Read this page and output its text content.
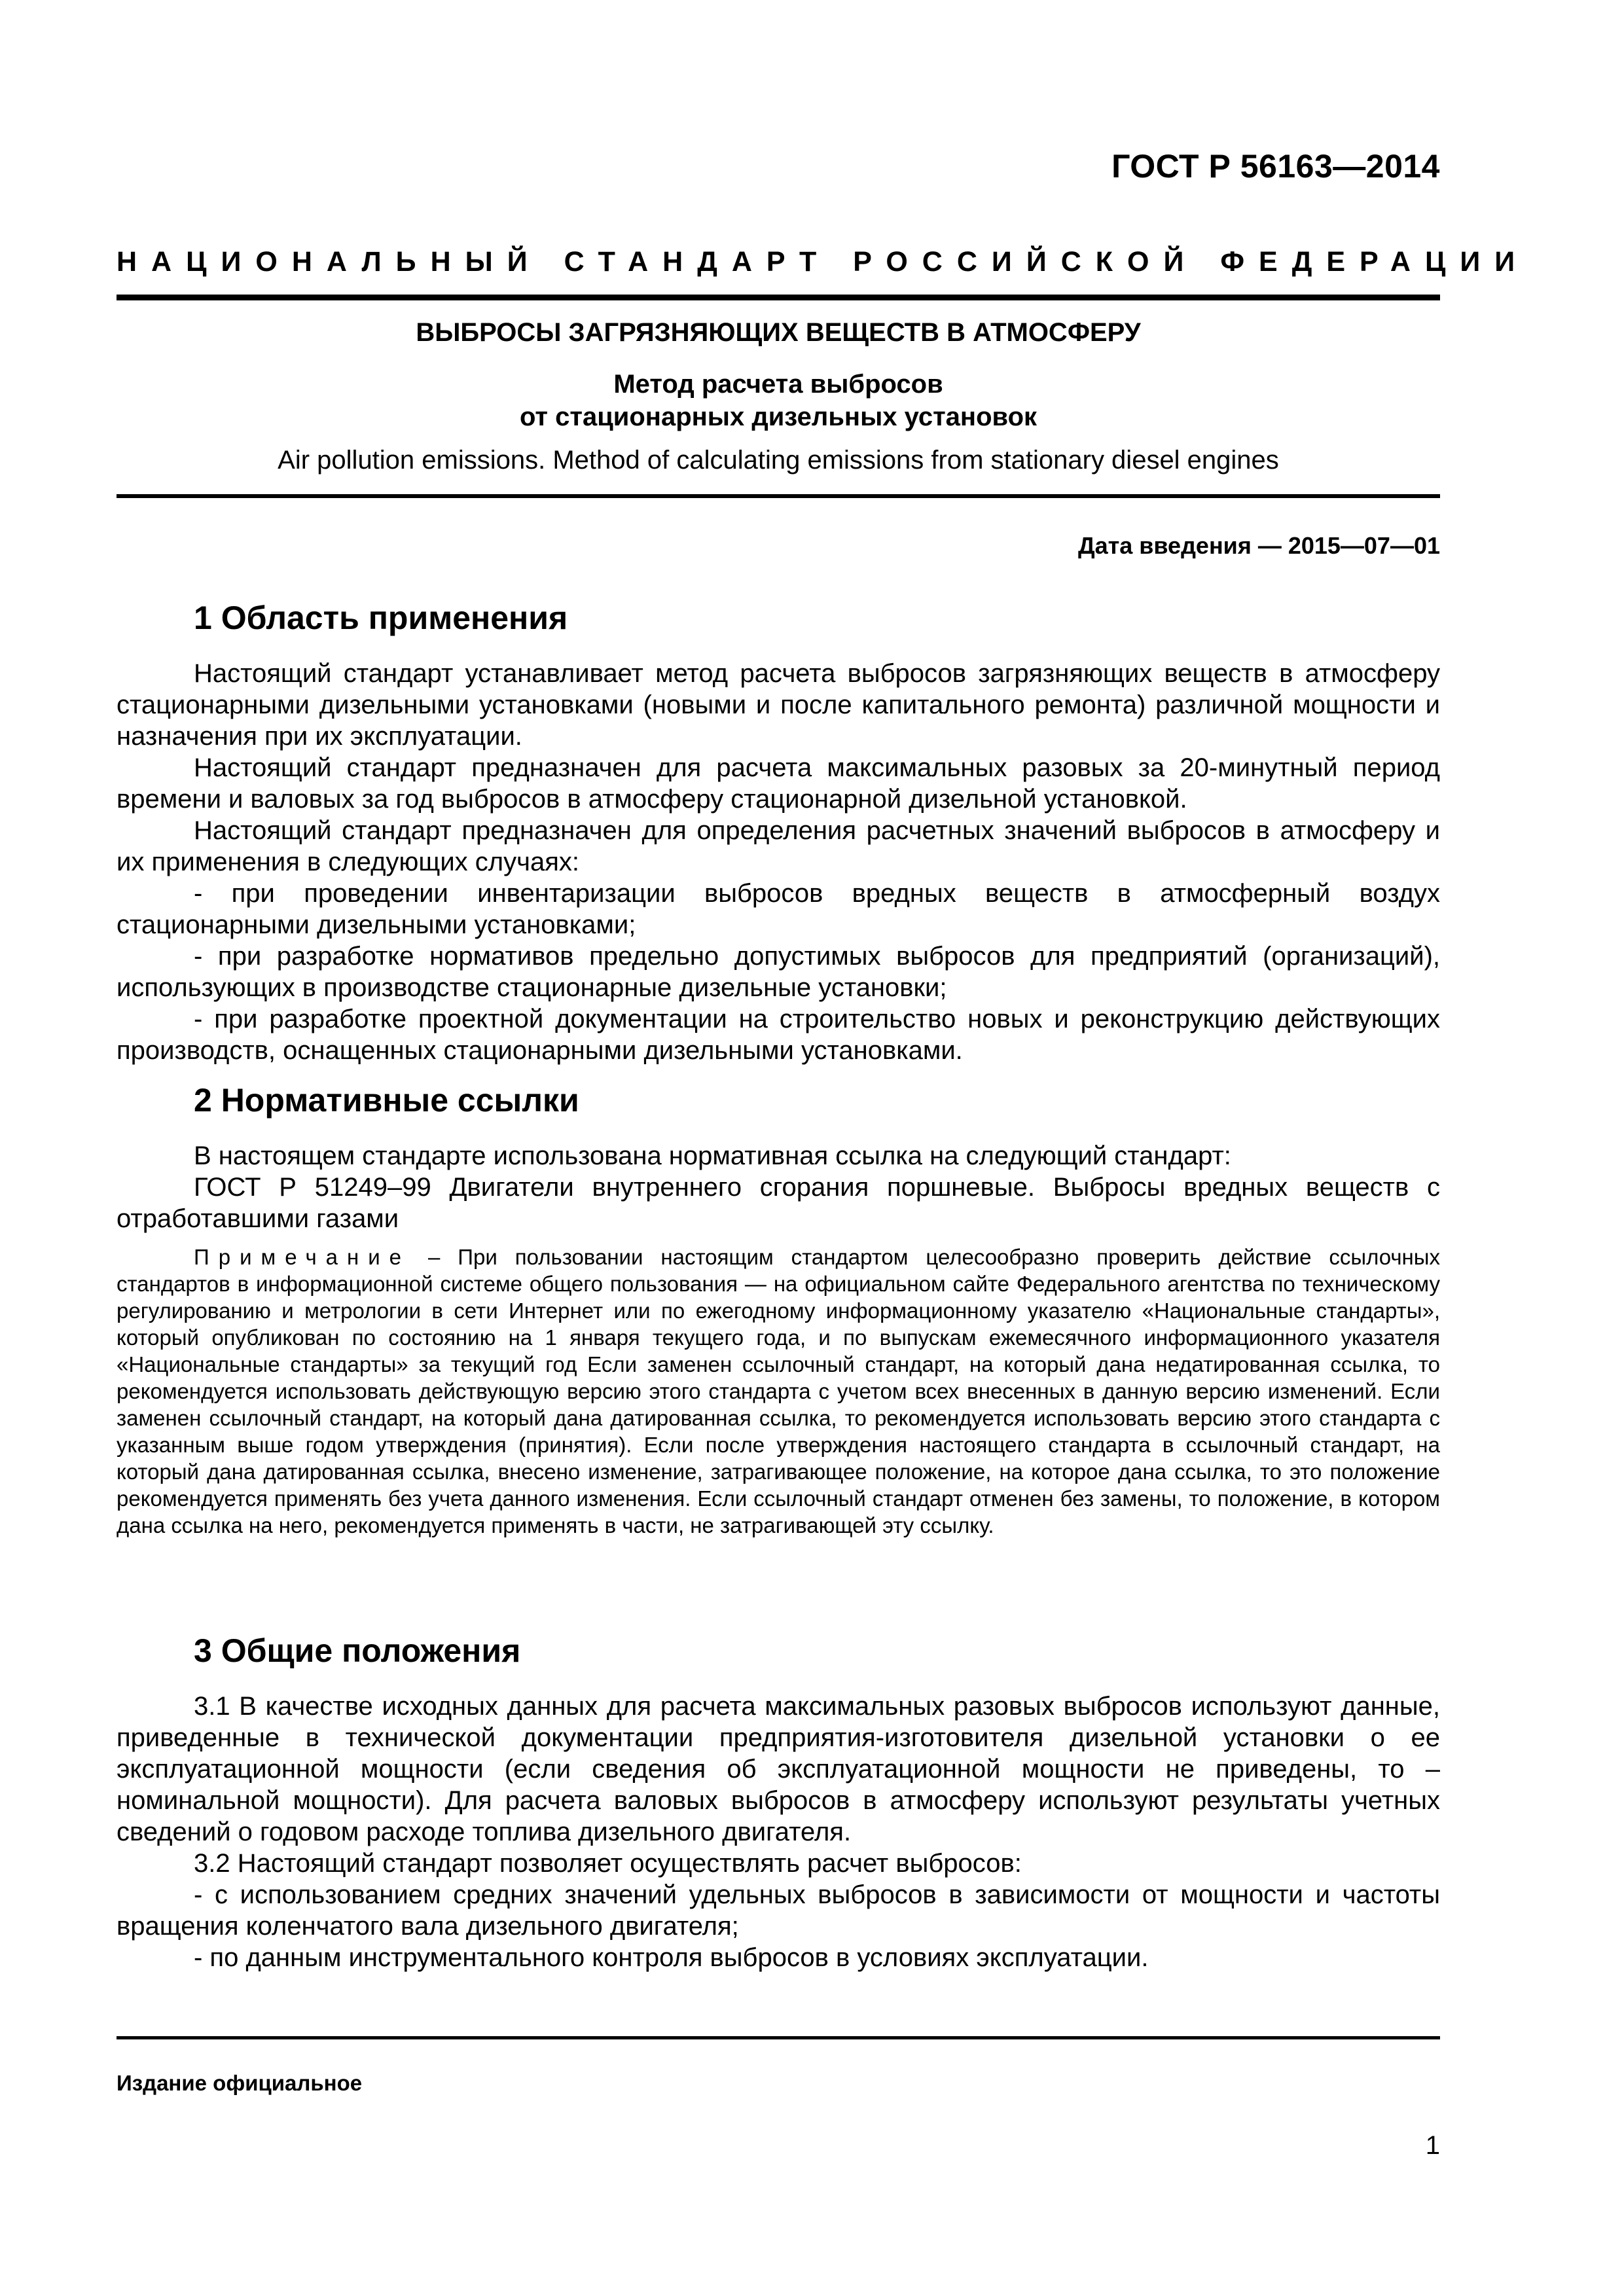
ГОСТ Р 56163—2014
НАЦИОНАЛЬНЫЙ СТАНДАРТ РОССИЙСКОЙ ФЕДЕРАЦИИ
ВЫБРОСЫ ЗАГРЯЗНЯЮЩИХ ВЕЩЕСТВ В АТМОСФЕРУ
Метод расчета выбросов
от стационарных дизельных установок
Air pollution emissions. Method of calculating emissions from stationary diesel engines
Дата введения — 2015—07—01
1 Область применения

Настоящий стандарт устанавливает метод расчета выбросов загрязняющих веществ в атмосферу стационарными дизельными установками (новыми и после капитального ремонта) различной мощности и назначения при их эксплуатации.

Настоящий стандарт предназначен для расчета максимальных разовых за 20-минутный период времени и валовых за год выбросов в атмосферу стационарной дизельной установкой.

Настоящий стандарт предназначен для определения расчетных значений выбросов в атмосферу и их применения в следующих случаях:

- при проведении инвентаризации выбросов вредных веществ в атмосферный воздух стационарными дизельными установками;

- при разработке нормативов предельно допустимых выбросов для предприятий (организаций), использующих в производстве стационарные дизельные установки;

- при разработке проектной документации на строительство новых и реконструкцию действующих производств, оснащенных стационарными дизельными установками.

2 Нормативные ссылки

В настоящем стандарте использована нормативная ссылка на следующий стандарт:

ГОСТ Р 51249–99 Двигатели внутреннего сгорания поршневые. Выбросы вредных веществ с отработавшими газами

Примечание – При пользовании настоящим стандартом целесообразно проверить действие ссылочных стандартов в информационной системе общего пользования — на официальном сайте Федерального агентства по техническому регулированию и метрологии в сети Интернет или по ежегодному информационному указателю «Национальные стандарты», который опубликован по состоянию на 1 января текущего года, и по выпускам ежемесячного информационного указателя «Национальные стандарты» за текущий год Если заменен ссылочный стандарт, на который дана недатированная ссылка, то рекомендуется использовать действующую версию этого стандарта с учетом всех внесенных в данную версию изменений. Если заменен ссылочный стандарт, на который дана датированная ссылка, то рекомендуется использовать версию этого стандарта с указанным выше годом утверждения (принятия). Если после утверждения настоящего стандарта в ссылочный стандарт, на который дана датированная ссылка, внесено изменение, затрагивающее положение, на которое дана ссылка, то это положение рекомендуется применять без учета данного изменения. Если ссылочный стандарт отменен без замены, то положение, в котором дана ссылка на него, рекомендуется применять в части, не затрагивающей эту ссылку.

3 Общие положения

3.1 В качестве исходных данных для расчета максимальных разовых выбросов используют данные, приведенные в технической документации предприятия-изготовителя дизельной установки о ее эксплуатационной мощности (если сведения об эксплуатационной мощности не приведены, то – номинальной мощности). Для расчета валовых выбросов в атмосферу используют результаты учетных сведений о годовом расходе топлива дизельного двигателя.

3.2 Настоящий стандарт позволяет осуществлять расчет выбросов:

- с использованием средних значений удельных выбросов в зависимости от мощности и частоты вращения коленчатого вала дизельного двигателя;

- по данным инструментального контроля выбросов в условиях эксплуатации.

Издание официальное
1
